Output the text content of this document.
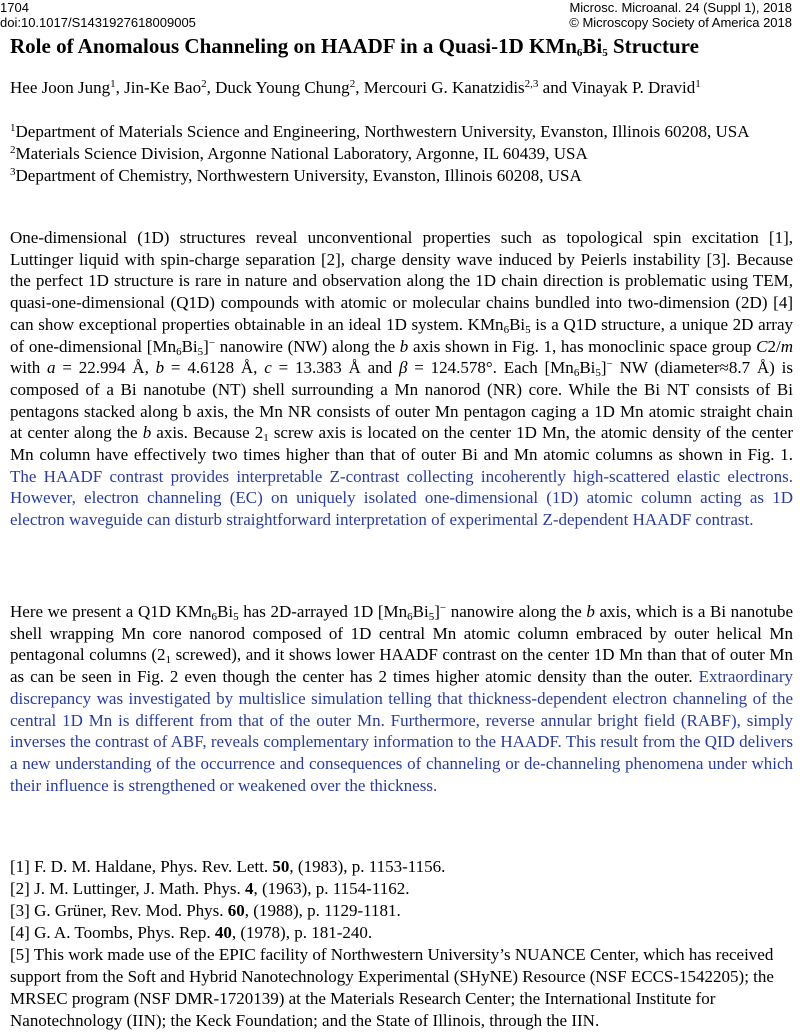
1704
doi:10.1017/S1431927618009005
Microsc. Microanal. 24 (Suppl 1), 2018
© Microscopy Society of America 2018
Role of Anomalous Channeling on HAADF in a Quasi-1D $KMn_6Bi_5$ Structure
Hee Joon Jung$^1$, Jin-Ke Bao$^2$, Duck Young Chung$^2$, Mercouri G. Kanatzidis$^{2,3}$ and Vinayak P. Dravid$^1$
$^1$Department of Materials Science and Engineering, Northwestern University, Evanston, Illinois 60208, USA
$^2$Materials Science Division, Argonne National Laboratory, Argonne, IL 60439, USA
$^3$Department of Chemistry, Northwestern University, Evanston, Illinois 60208, USA
One-dimensional (1D) structures reveal unconventional properties such as topological spin excitation [1], Luttinger liquid with spin-charge separation [2], charge density wave induced by Peierls instability [3]. Because the perfect 1D structure is rare in nature and observation along the 1D chain direction is problematic using TEM, quasi-one-dimensional (Q1D) compounds with atomic or molecular chains bundled into two-dimension (2D) [4] can show exceptional properties obtainable in an ideal 1D system. $KMn_6Bi_5$ is a Q1D structure, a unique 2D array of one-dimensional $[Mn_6Bi_5]^-$ nanowire (NW) along the b axis shown in Fig. 1, has monoclinic space group C2/m with a = 22.994 Å, b = 4.6128 Å, c = 13.383 Å and β = 124.578°. Each $[Mn_6Bi_5]^-$ NW (diameter≈8.7 Å) is composed of a Bi nanotube (NT) shell surrounding a Mn nanorod (NR) core. While the Bi NT consists of Bi pentagons stacked along b axis, the Mn NR consists of outer Mn pentagon caging a 1D Mn atomic straight chain at center along the b axis. Because $2_1$ screw axis is located on the center 1D Mn, the atomic density of the center Mn column have effectively two times higher than that of outer Bi and Mn atomic columns as shown in Fig. 1. The HAADF contrast provides interpretable Z-contrast collecting incoherently high-scattered elastic electrons. However, electron channeling (EC) on uniquely isolated one-dimensional (1D) atomic column acting as 1D electron waveguide can disturb straightforward interpretation of experimental Z-dependent HAADF contrast.
Here we present a Q1D $KMn_6Bi_5$ has 2D-arrayed 1D $[Mn_6Bi_5]^-$ nanowire along the b axis, which is a Bi nanotube shell wrapping Mn core nanorod composed of 1D central Mn atomic column embraced by outer helical Mn pentagonal columns ($2_1$ screwed), and it shows lower HAADF contrast on the center 1D Mn than that of outer Mn as can be seen in Fig. 2 even though the center has 2 times higher atomic density than the outer. Extraordinary discrepancy was investigated by multislice simulation telling that thickness-dependent electron channeling of the central 1D Mn is different from that of the outer Mn. Furthermore, reverse annular bright field (RABF), simply inverses the contrast of ABF, reveals complementary information to the HAADF. This result from the QID delivers a new understanding of the occurrence and consequences of channeling or de-channeling phenomena under which their influence is strengthened or weakened over the thickness.
[1] F. D. M. Haldane, Phys. Rev. Lett. 50, (1983), p. 1153-1156.
[2] J. M. Luttinger, J. Math. Phys. 4, (1963), p. 1154-1162.
[3] G. Grüner, Rev. Mod. Phys. 60, (1988), p. 1129-1181.
[4] G. A. Toombs, Phys. Rep. 40, (1978), p. 181-240.
[5] This work made use of the EPIC facility of Northwestern University’s NUANCE Center, which has received support from the Soft and Hybrid Nanotechnology Experimental (SHyNE) Resource (NSF ECCS-1542205); the MRSEC program (NSF DMR-1720139) at the Materials Research Center; the International Institute for Nanotechnology (IIN); the Keck Foundation; and the State of Illinois, through the IIN.
